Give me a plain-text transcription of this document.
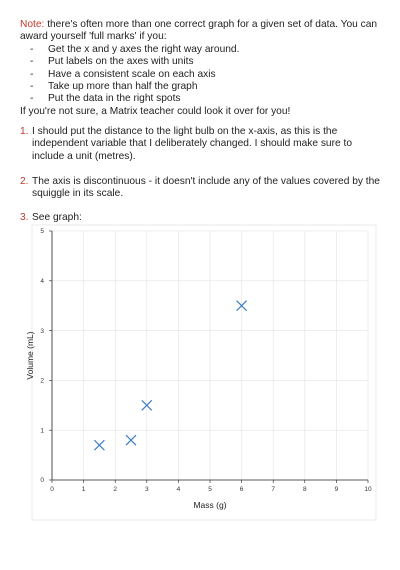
Note: there's often more than one correct graph for a given set of data. You can award yourself 'full marks' if you:
- Get the x and y axes the right way around.
- Put labels on the axes with units
- Have a consistent scale on each axis
- Take up more than half the graph
- Put the data in the right spots
If you're not sure, a Matrix teacher could look it over for you!
1. I should put the distance to the light bulb on the x-axis, as this is the independent variable that I deliberately changed. I should make sure to include a unit (metres).
2. The axis is discontinuous - it doesn't include any of the values covered by the squiggle in its scale.
3. See graph:
0	1	2	3	4	5	6	7	8	9	10
0
1
2
3
4
5
Mass (g)
Volume (mL)
